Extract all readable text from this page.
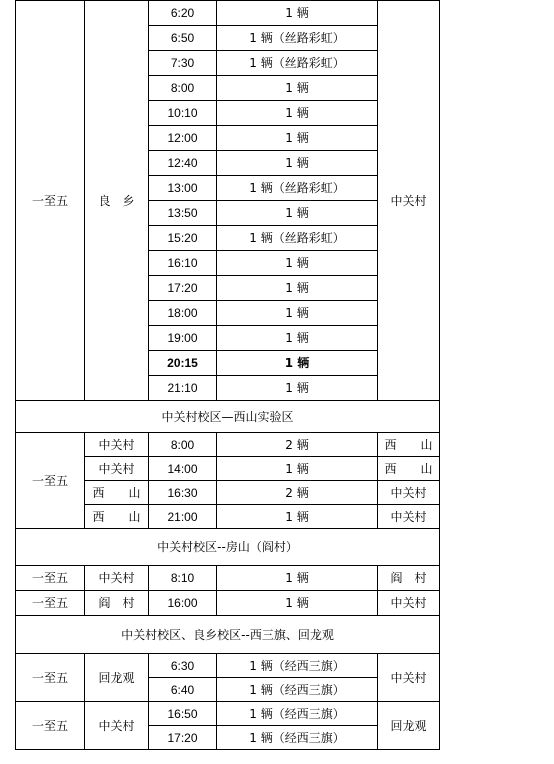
一至五	良　乡	6:20	1 辆	中关村
		6:50	1 辆（丝路彩虹）	
		7:30	1 辆（丝路彩虹）	
		8:00	1 辆	
		10:10	1 辆	
		12:00	1 辆	
		12:40	1 辆	
		13:00	1 辆（丝路彩虹）	
		13:50	1 辆	
		15:20	1 辆（丝路彩虹）	
		16:10	1 辆	
		17:20	1 辆	
		18:00	1 辆	
		19:00	1 辆	
		20:15	1 辆	
		21:10	1 辆	
中关村校区—西山实验区				
一至五	中关村	8:00	2 辆	西　　山
	中关村	14:00	1 辆	西　　山
	西　　山	16:30	2 辆	中关村
	西　　山	21:00	1 辆	中关村
中关村校区--房山（阎村）				
一至五	中关村	8:10	1 辆	阎　村
一至五	阎　村	16:00	1 辆	中关村
中关村校区、良乡校区--西三旗、回龙观				
一至五	回龙观	6:30	1 辆（经西三旗）	中关村
		6:40	1 辆（经西三旗）	
一至五	中关村	16:50	1 辆（经西三旗）	回龙观
		17:20	1 辆（经西三旗）	
